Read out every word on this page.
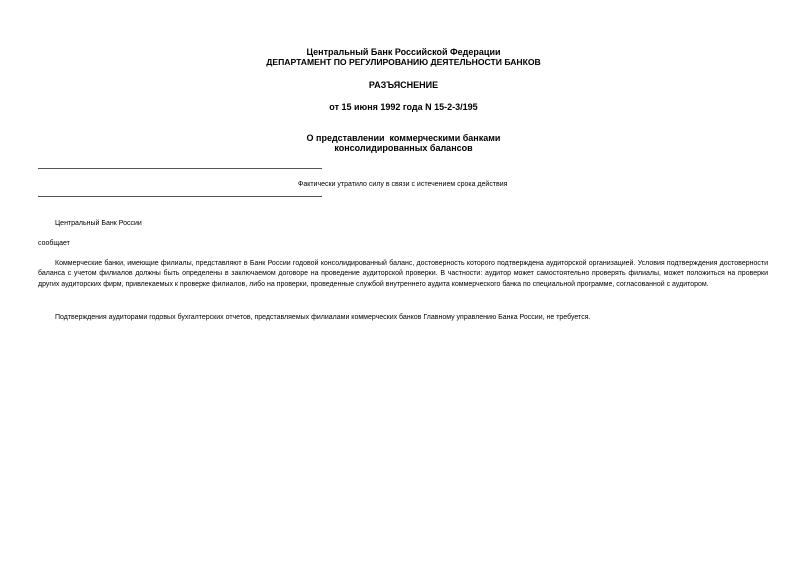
Центральный Банк Российской Федерации
ДЕПАРТАМЕНТ ПО РЕГУЛИРОВАНИЮ ДЕЯТЕЛЬНОСТИ БАНКОВ
РАЗЪЯСНЕНИЕ
от 15 июня 1992 года N 15-2-3/195
О представлении  коммерческими банками
консолидированных балансов
Фактически утратило силу в связи с истечением срока действия
Центральный Банк России
сообщает
Коммерческие банки, имеющие филиалы, представляют в Банк России годовой консолидированный баланс, достоверность которого подтверждена аудиторской организацией. Условия подтверждения достоверности баланса с учетом филиалов должны быть определены в заключаемом договоре на проведение аудиторской проверки. В частности: аудитор может самостоятельно проверять филиалы, может положиться на проверки других аудиторских фирм, привлекаемых к проверке филиалов, либо на проверки, проведенные службой внутреннего аудита коммерческого банка по специальной программе, согласованной с аудитором.
Подтверждения аудиторами годовых бухгалтерских отчетов, представляемых филиалами коммерческих банков Главному управлению Банка России, не требуется.
